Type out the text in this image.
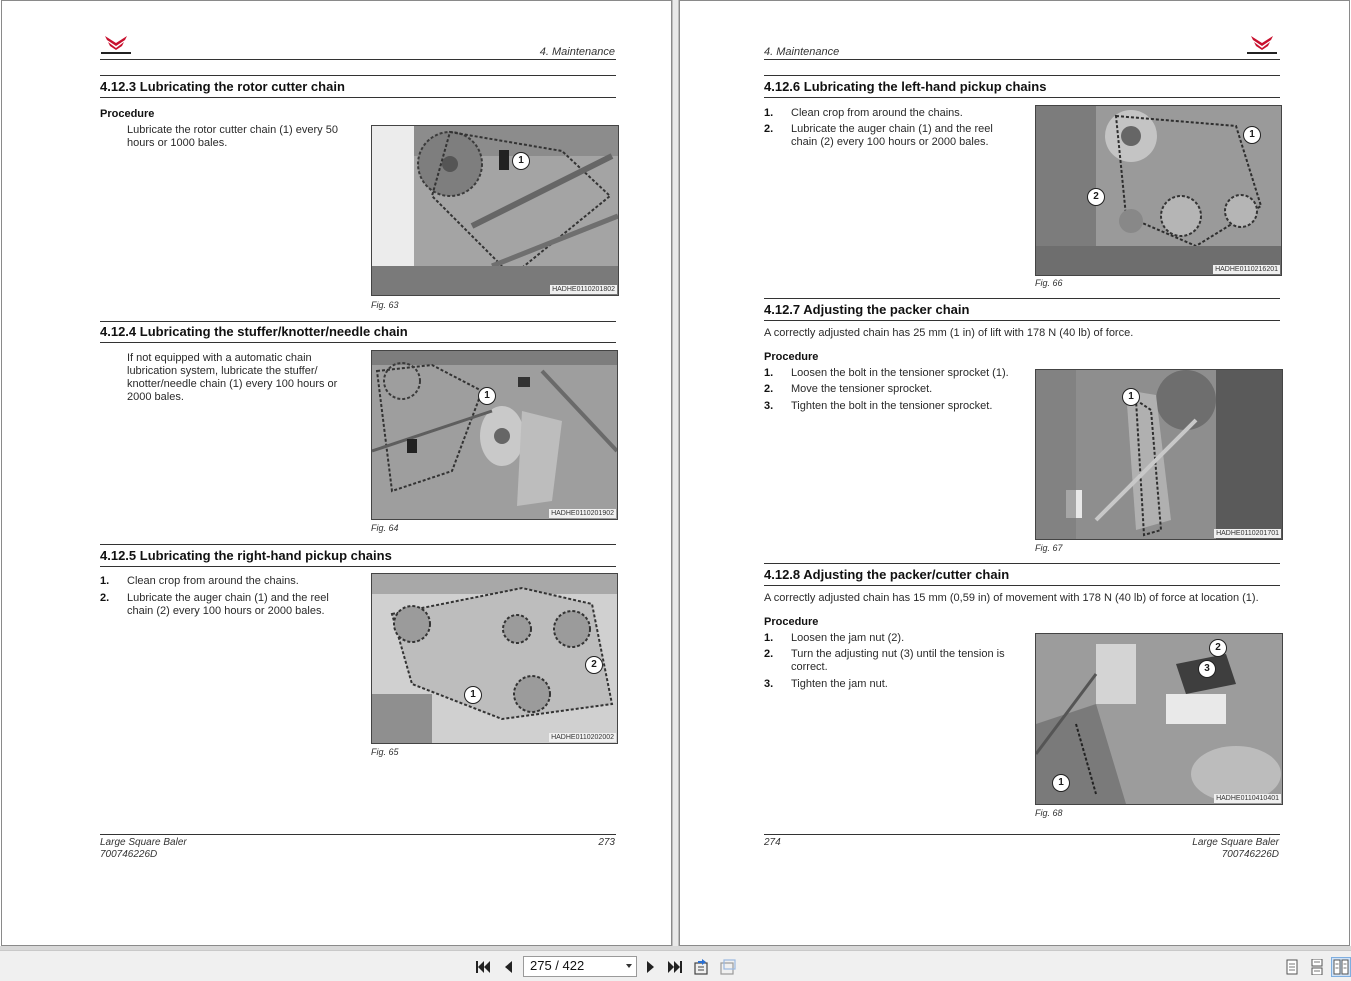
4. Maintenance
4.12.3 Lubricating the rotor cutter chain
Procedure
Lubricate the rotor cutter chain (1) every 50 hours or 1000 bales.
1
HADHE0110201802
Fig. 63
4.12.4 Lubricating the stuffer/knotter/needle chain
If not equipped with a automatic chain lubrication system, lubricate the stuffer/ knotter/needle chain (1) every 100 hours or 2000 bales.	1
HADHE0110201902
Fig. 64
4.12.5 Lubricating the right-hand pickup chains
1. Clean crop from around the chains.
2. Lubricate the auger chain (1) and the reel chain (2) every 100 hours or 2000 bales.
1
2
HADHE0110202002
Fig. 65
Large Square Baler
700746226D
273
4. Maintenance
4.12.6 Lubricating the left-hand pickup chains
1. Clean crop from around the chains.
2. Lubricate the auger chain (1) and the reel chain (2) every 100 hours or 2000 bales.
1
2
HADHE0110216201
Fig. 66
4.12.7 Adjusting the packer chain
A correctly adjusted chain has 25 mm (1 in) of lift with 178 N (40 lb) of force.
Procedure
1. Loosen the bolt in the tensioner sprocket (1).
2. Move the tensioner sprocket.
3. Tighten the bolt in the tensioner sprocket.
1
HADHE0110201701
Fig. 67
4.12.8 Adjusting the packer/cutter chain
A correctly adjusted chain has 15 mm (0,59 in) of movement with 178 N (40 lb) of force at location (1).
Procedure
1. Loosen the jam nut (2).
2. Turn the adjusting nut (3) until the tension is correct.
3. Tighten the jam nut.
2
3
1
HADHE0110410401
Fig. 68
274	Large Square Baler
700746226D
275 / 422
